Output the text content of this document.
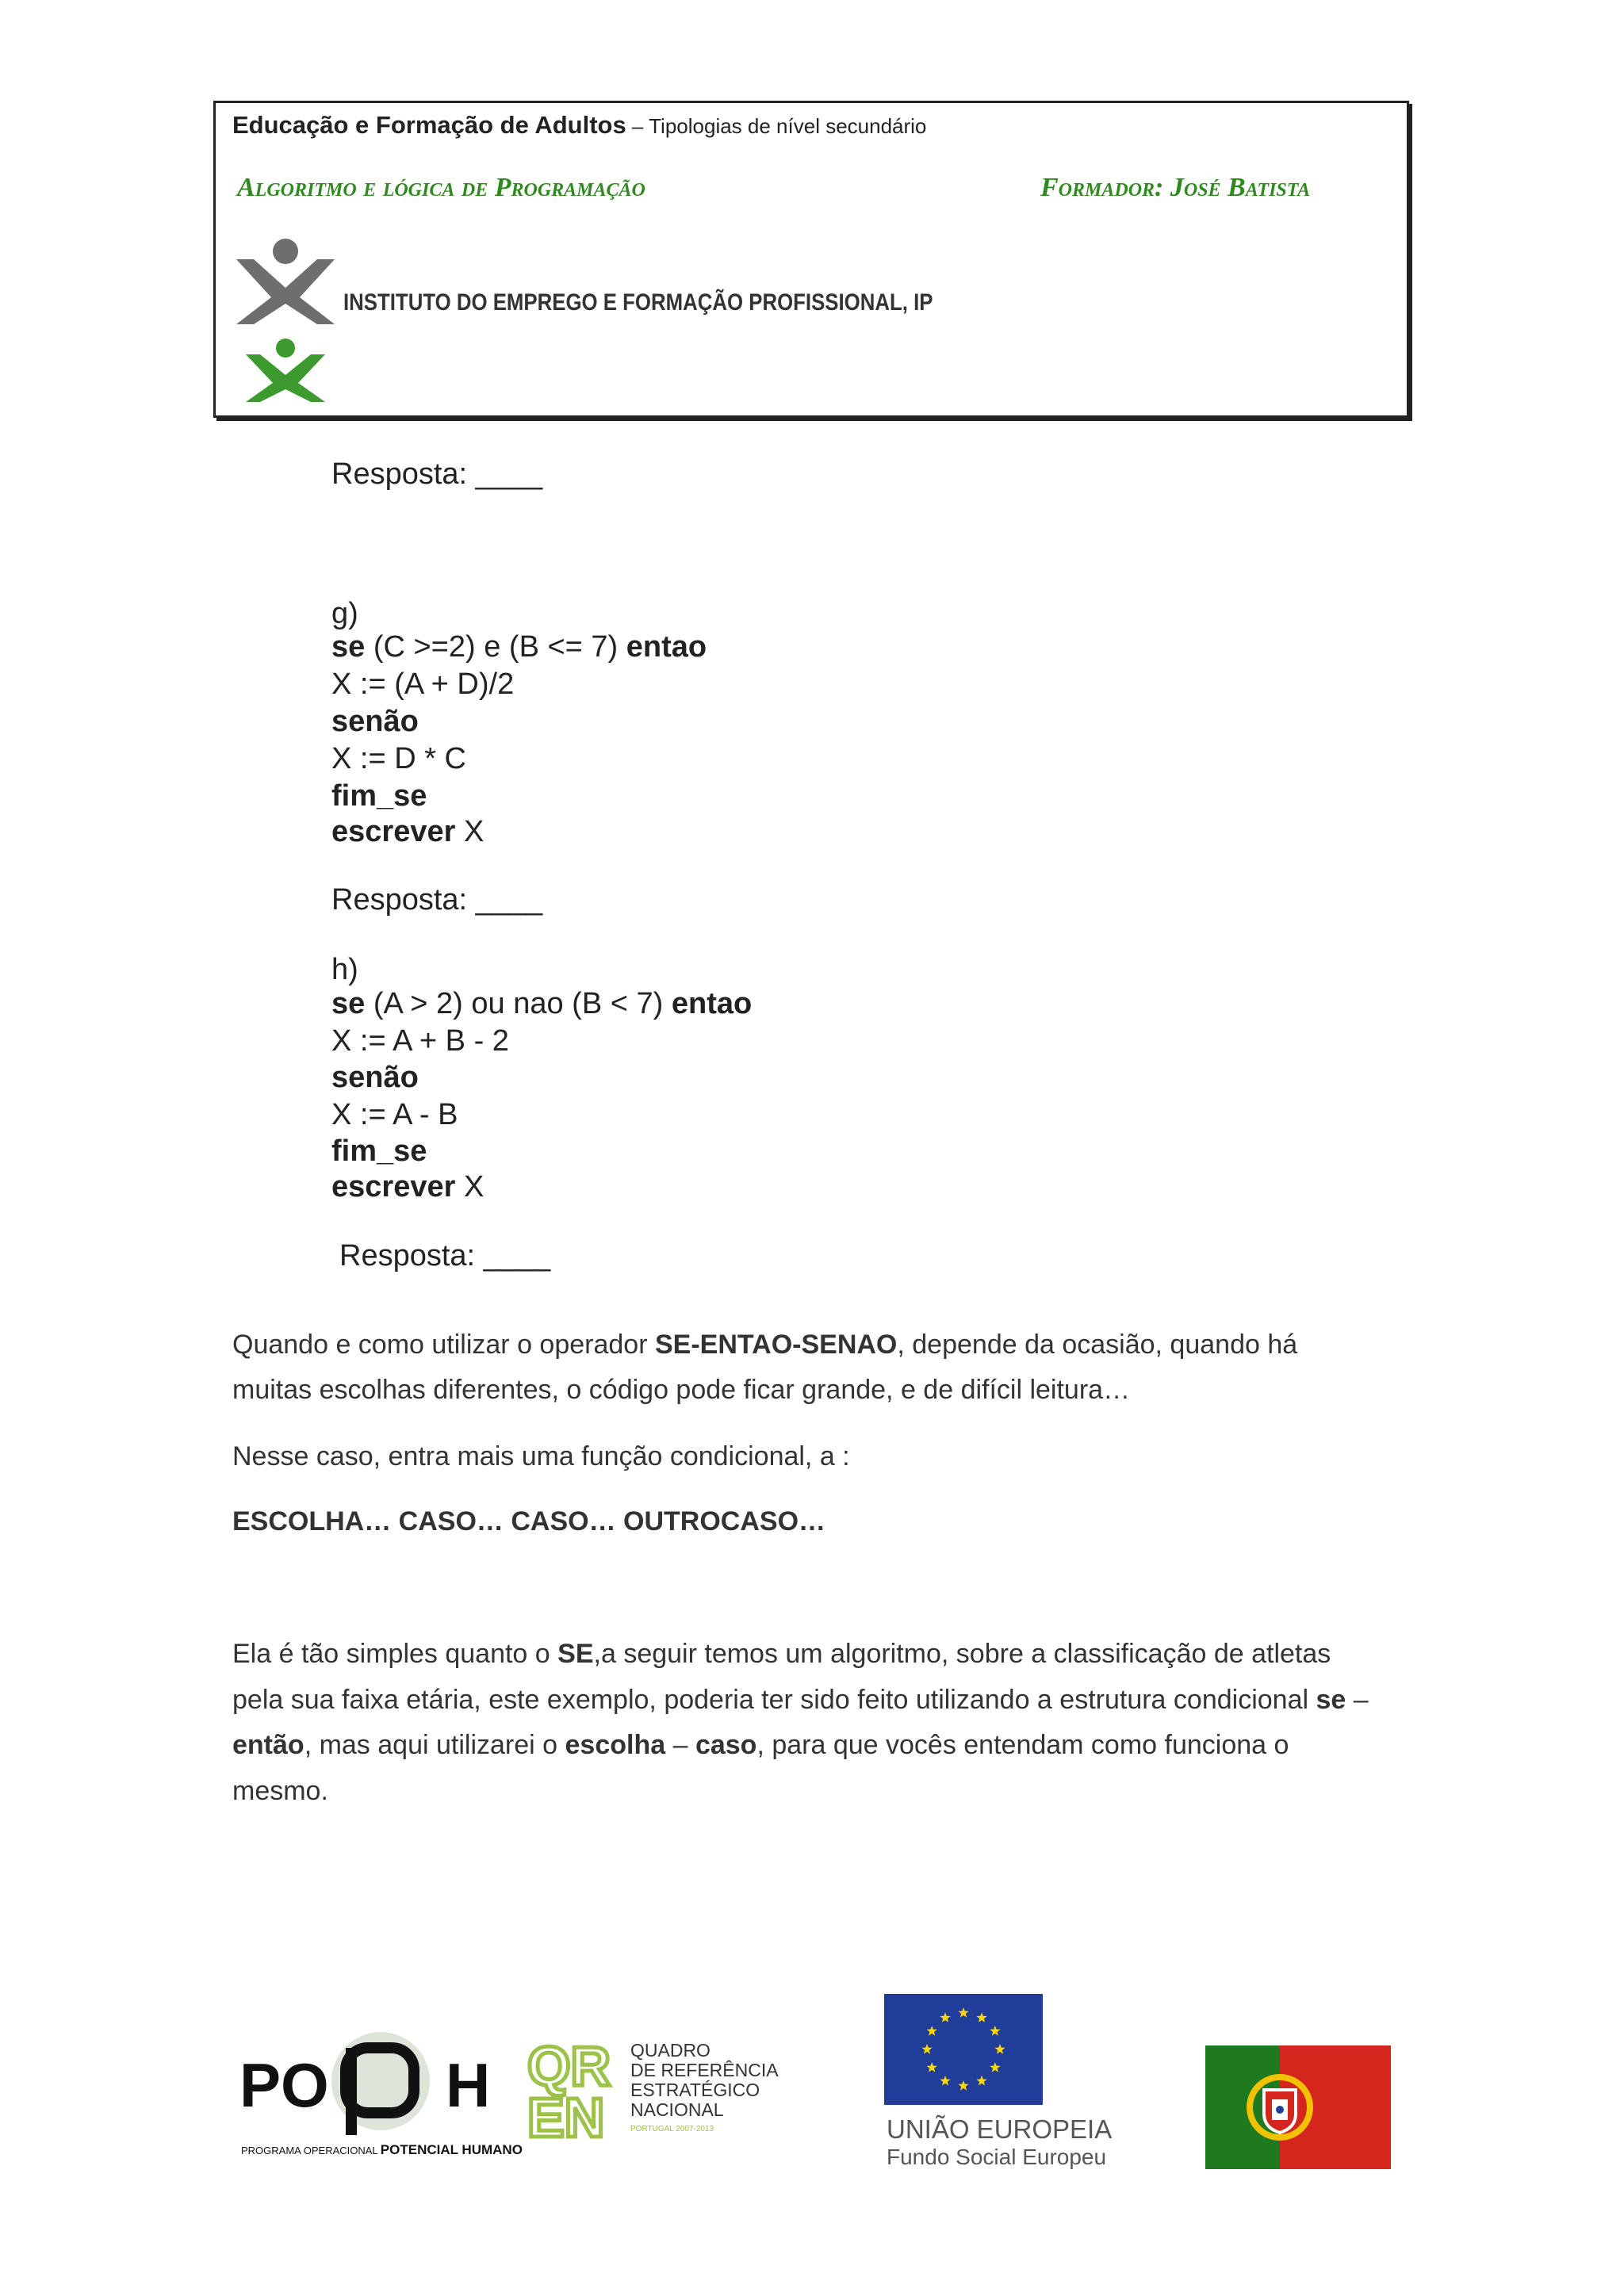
Educação e Formação de Adultos – Tipologias de nível secundário
Algoritmo e lógica de Programação	Formador: José Batista
INSTITUTO DO EMPREGO E FORMAÇÃO PROFISSIONAL, IP
Resposta: ____
g)
se (C >=2) e (B <= 7) entao
X := (A + D)/2
senão
X := D * C
fim_se
escrever X
Resposta: ____
h)
se (A > 2) ou nao (B < 7) entao
X := A + B - 2
senão
X := A - B
fim_se
escrever X
Resposta: ____
Quando e como utilizar o operador SE-ENTAO-SENAO, depende da ocasião, quando há
muitas escolhas diferentes, o código pode ficar grande, e de difícil leitura…
Nesse caso, entra mais uma função condicional, a :
ESCOLHA… CASO… CASO… OUTROCASO…
Ela é tão simples quanto o SE,a seguir temos um algoritmo, sobre a classificação de atletas
pela sua faixa etária, este exemplo, poderia ter sido feito utilizando a estrutura condicional se –
então, mas aqui utilizarei o escolha – caso, para que vocês entendam como funciona o
mesmo.
PO H
PROGRAMA OPERACIONAL POTENCIAL HUMANO
QR
EN
QUADRO DE REFERÊNCIA ESTRATÉGICO NACIONAL
PORTUGAL 2007-2013	UNIÃO EUROPEIA
Fundo Social Europeu
